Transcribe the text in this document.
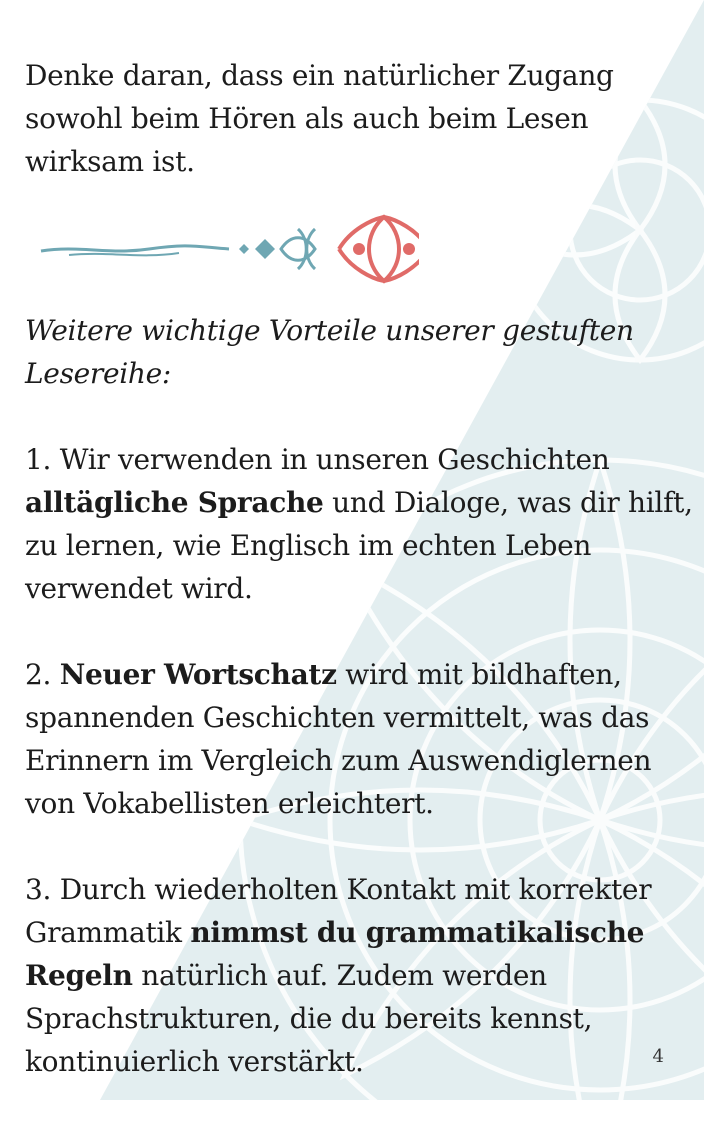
Denke daran, dass ein natürlicher Zugang sowohl beim Hören als auch beim Lesen wirksam ist.

Weitere wichtige Vorteile unserer gestuften Lesereihe:

1. Wir verwenden in unseren Geschichten alltägliche Sprache und Dialoge, was dir hilft, zu lernen, wie Englisch im echten Leben verwendet wird.

2. Neuer Wortschatz wird mit bildhaften, spannenden Geschichten vermittelt, was das Erinnern im Vergleich zum Auswendiglernen von Vokabellisten erleichtert.

3. Durch wiederholten Kontakt mit korrekter Grammatik nimmst du grammatikalische Regeln natürlich auf. Zudem werden Sprachstrukturen, die du bereits kennst, kontinuierlich verstärkt.	4
